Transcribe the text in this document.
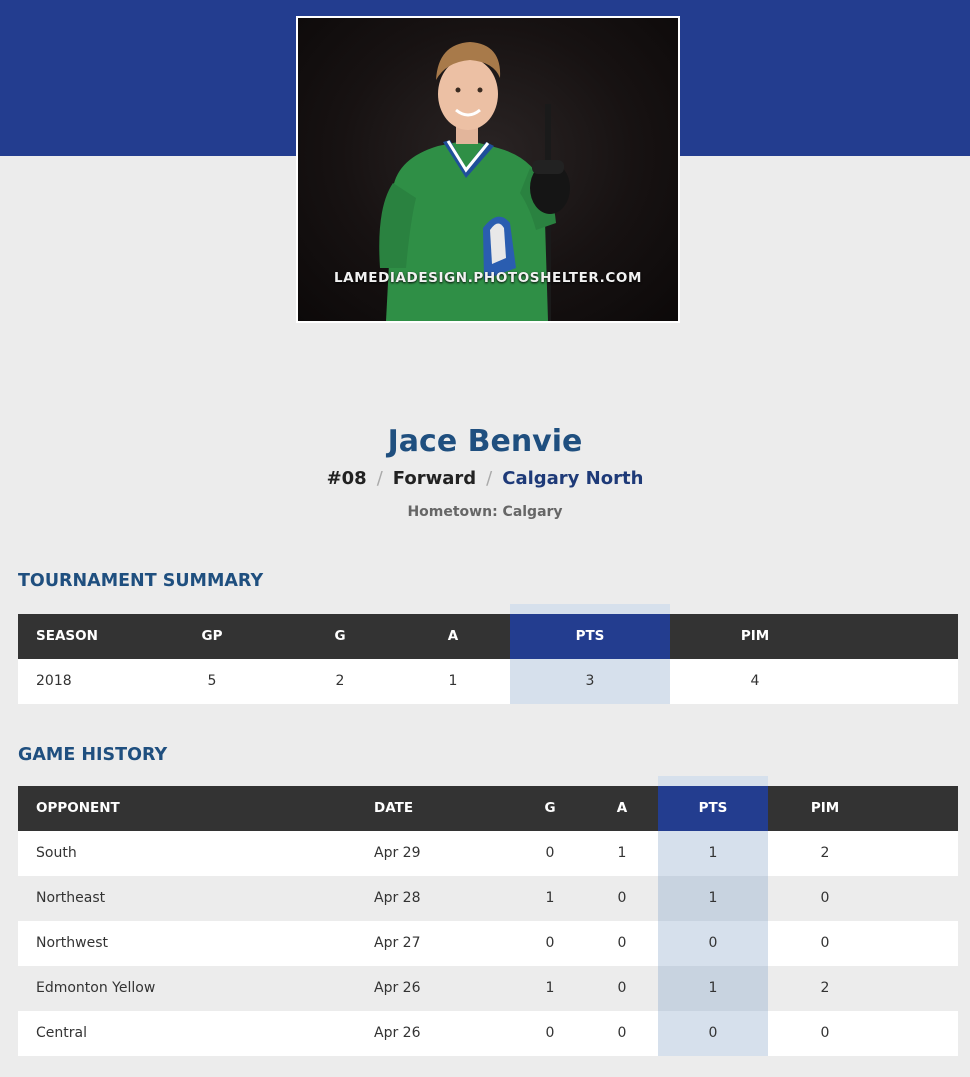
LAMEDIADESIGN.PHOTOSHELTER.COM
Jace Benvie
#08 / Forward / Calgary North
Hometown: Calgary
TOURNAMENT SUMMARY
SEASON	GP	G	A	PTS	PIM
2018	5	2	1	3	4
GAME HISTORY
OPPONENT	DATE	G	A	PTS	PIM
South	Apr 29	0	1	1	2
Northeast	Apr 28	1	0	1	0
Northwest	Apr 27	0	0	0	0
Edmonton Yellow	Apr 26	1	0	1	2
Central	Apr 26	0	0	0	0
